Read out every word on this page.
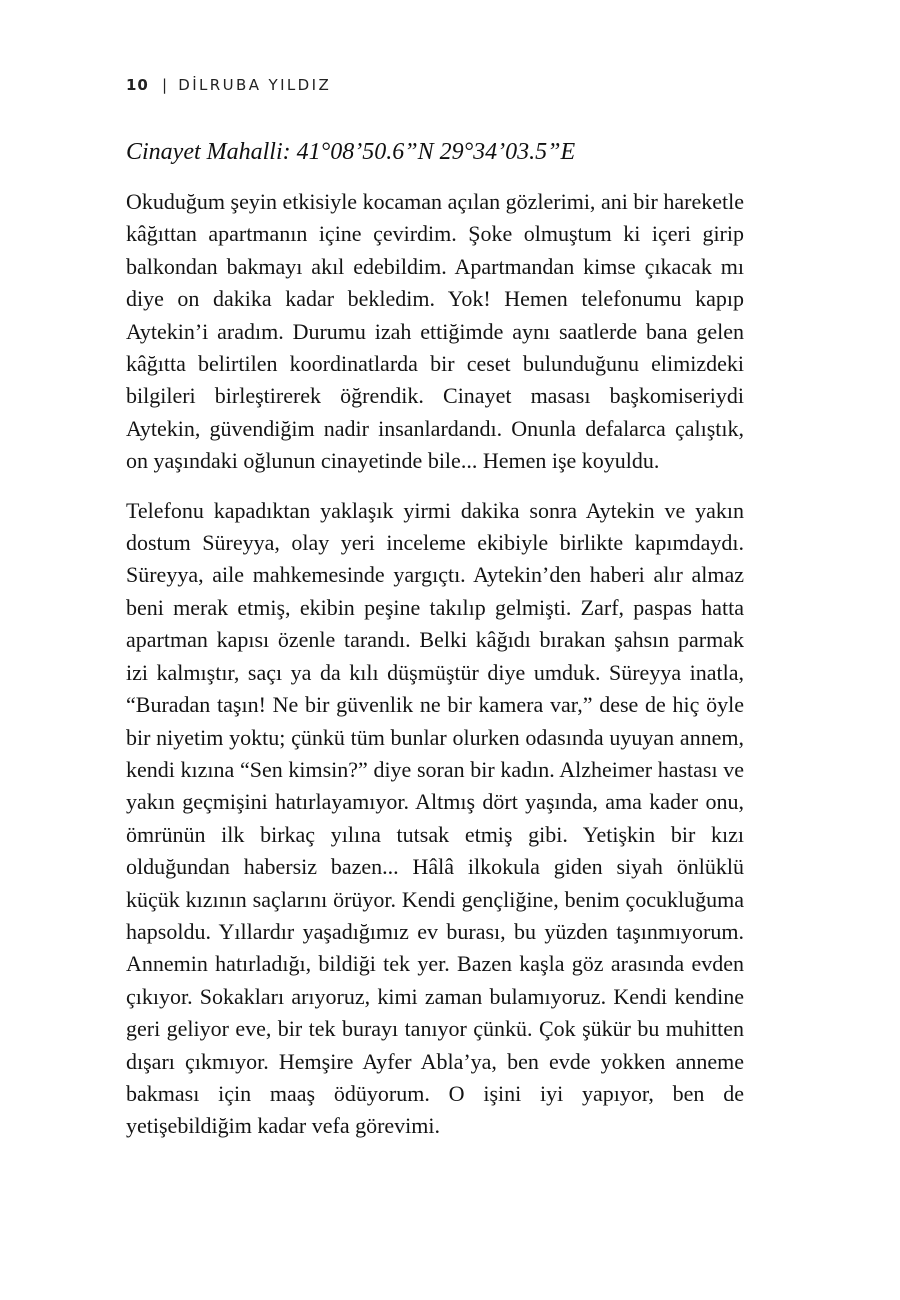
10 | DİLRUBA YILDIZ
Cinayet Mahalli: 41°08’50.6”N 29°34’03.5”E

Okuduğum şeyin etkisiyle kocaman açılan gözlerimi, ani bir hareketle kâğıttan apartmanın içine çevirdim. Şoke olmuştum ki içeri girip balkondan bakmayı akıl edebildim. Apartmandan kimse çıkacak mı diye on dakika kadar bekledim. Yok! Hemen telefonumu kapıp Aytekin’i aradım. Durumu izah ettiğimde aynı saatlerde bana gelen kâğıtta belirtilen koordinatlarda bir ceset bulunduğunu elimizdeki bilgileri birleştirerek öğrendik. Cinayet masası başkomiseriydi Aytekin, güvendiğim nadir insanlardandı. Onunla defalarca çalıştık, on yaşındaki oğlunun cinayetinde bile... Hemen işe koyuldu.

Telefonu kapadıktan yaklaşık yirmi dakika sonra Aytekin ve yakın dostum Süreyya, olay yeri inceleme ekibiyle birlikte kapımdaydı. Süreyya, aile mahkemesinde yargıçtı. Aytekin’den haberi alır almaz beni merak etmiş, ekibin peşine takılıp gelmişti. Zarf, paspas hatta apartman kapısı özenle tarandı. Belki kâğıdı bırakan şahsın parmak izi kalmıştır, saçı ya da kılı düşmüştür diye umduk. Süreyya inatla, “Buradan taşın! Ne bir güvenlik ne bir kamera var,” dese de hiç öyle bir niyetim yoktu; çünkü tüm bunlar olurken odasında uyuyan annem, kendi kızına “Sen kimsin?” diye soran bir kadın. Alzheimer hastası ve yakın geçmişini hatırlayamıyor. Altmış dört yaşında, ama kader onu, ömrünün ilk birkaç yılına tutsak etmiş gibi. Yetişkin bir kızı olduğundan habersiz bazen... Hâlâ ilkokula giden siyah önlüklü küçük kızının saçlarını örüyor. Kendi gençliğine, benim çocukluğuma hapsoldu. Yıllardır yaşadığımız ev burası, bu yüzden taşınmıyorum. Annemin hatırladığı, bildiği tek yer. Bazen kaşla göz arasında evden çıkıyor. Sokakları arıyoruz, kimi zaman bulamıyoruz. Kendi kendine geri geliyor eve, bir tek burayı tanıyor çünkü. Çok şükür bu muhitten dışarı çıkmıyor. Hemşire Ayfer Abla’ya, ben evde yokken anneme bakması için maaş ödüyorum. O işini iyi yapıyor, ben de yetişebildiğim kadar vefa görevimi.
